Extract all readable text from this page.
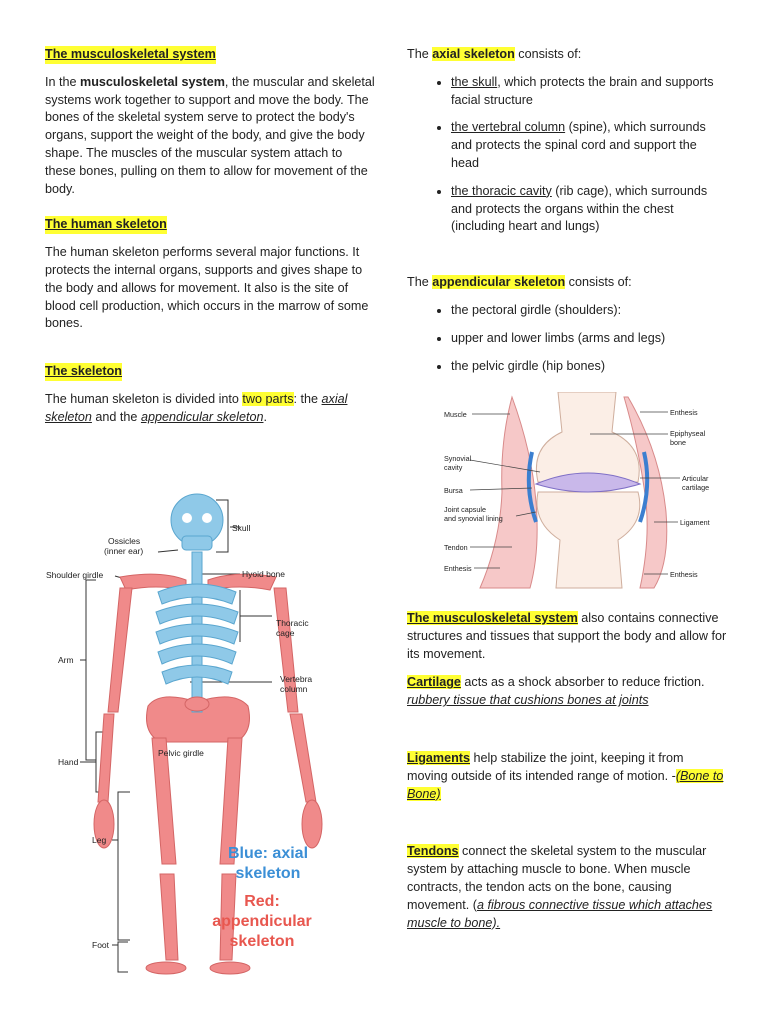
The musculoskeletal system

In the musculoskeletal system, the muscular and skeletal systems work together to support and move the body. The bones of the skeletal system serve to protect the body's organs, support the weight of the body, and give the body shape. The muscles of the muscular system attach to these bones, pulling on them to allow for movement of the body.

The human skeleton

The human skeleton performs several major functions. It protects the internal organs, supports and gives shape to the body and allows for movement. It also is the site of blood cell production, which occurs in the marrow of some bones.

The skeleton

The human skeleton is divided into two parts: the axial skeleton and the appendicular skeleton.

Skull
Ossicles
(inner ear)
Shoulder girdle	Hyoid bone
Thoracic
cage
Arm
Vertebra
column
Pelvic girdle
Hand
Leg
Foot
Blue: axial
skeleton
Red:
appendicular
skeleton

The axial skeleton consists of:

• the skull, which protects the brain and supports facial structure
• the vertebral column (spine), which surrounds and protects the spinal cord and support the head
• the thoracic cavity (rib cage), which surrounds and protects the organs within the chest (including heart and lungs)

The appendicular skeleton consists of:

• the pectoral girdle (shoulders):
• upper and lower limbs (arms and legs)
• the pelvic girdle (hip bones)
Muscle
Synovial
cavity
Bursa
Joint capsule
and synovial lining
Tendon
Enthesis
Enthesis
Epiphyseal
bone
Articular
cartilage
Ligament
Enthesis

The musculoskeletal system also contains connective structures and tissues that support the body and allow for its movement.

Cartilage acts as a shock absorber to reduce friction. rubbery tissue that cushions bones at joints

Ligaments help stabilize the joint, keeping it from moving outside of its intended range of motion. -(Bone to Bone)

Tendons connect the skeletal system to the muscular system by attaching muscle to bone. When muscle contracts, the tendon acts on the bone, causing movement. (a fibrous connective tissue which attaches muscle to bone).
